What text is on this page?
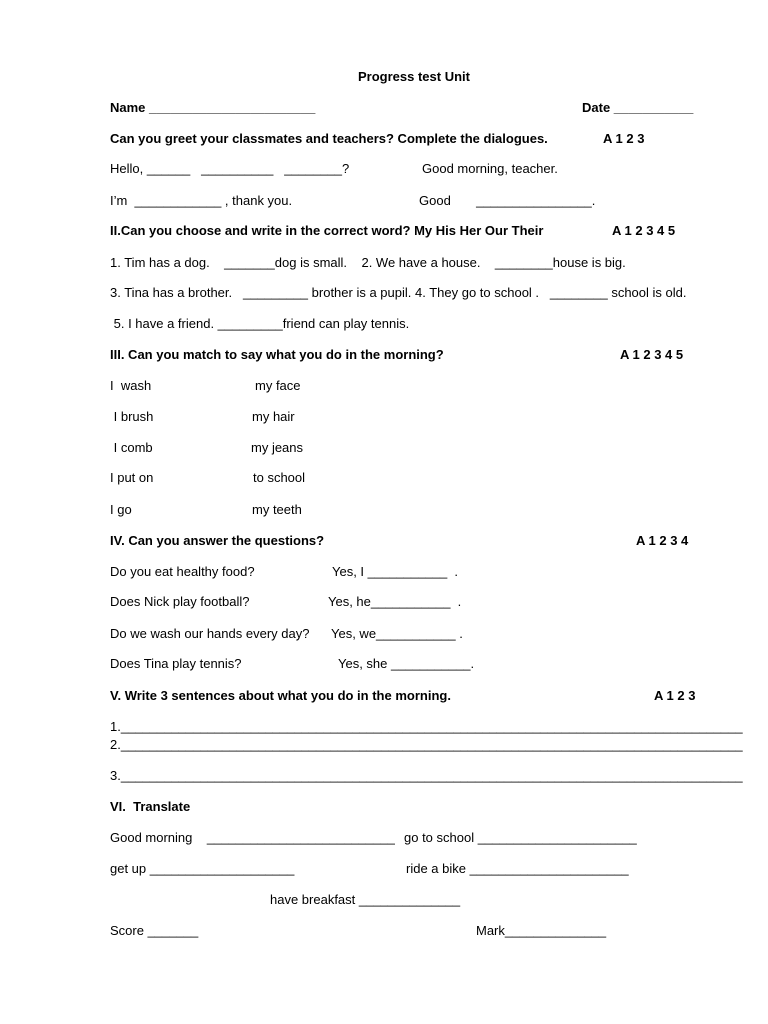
Progress test Unit
Name _______________________	Date ___________
Can you greet your classmates and teachers? Complete the dialogues.	A 1 2 3
Hello, ______   __________   ________?	Good morning, teacher.
I’m  ____________ , thank you.	Good       ________________.
II.Can you choose and write in the correct word? My His Her Our Their	A 1 2 3 4 5
1. Tim has a dog.    _______dog is small.    2. We have a house.    ________house is big.
3. Tina has a brother.   _________ brother is a pupil. 4. They go to school .   ________ school is old.
5. I have a friend. _________friend can play tennis.
III. Can you match to say what you do in the morning?	A 1 2 3 4 5
I  wash	my face
I brush	my hair
I comb	my jeans
I put on	to school
I go	my teeth
IV. Can you answer the questions?	A 1 2 3 4
Do you eat healthy food?	Yes, I ___________  .
Does Nick play football?	Yes, he___________  .
Do we wash our hands every day? Yes, we___________ .
Does Tina play tennis?	Yes, she ___________.
V. Write 3 sentences about what you do in the morning.	A 1 2 3
1.______________________________________________________________________________________
2.______________________________________________________________________________________
3.______________________________________________________________________________________
VI.  Translate
Good morning    __________________________ go to school ______________________
get up ____________________	ride a bike ______________________
have breakfast ______________
Score _______	Mark______________
